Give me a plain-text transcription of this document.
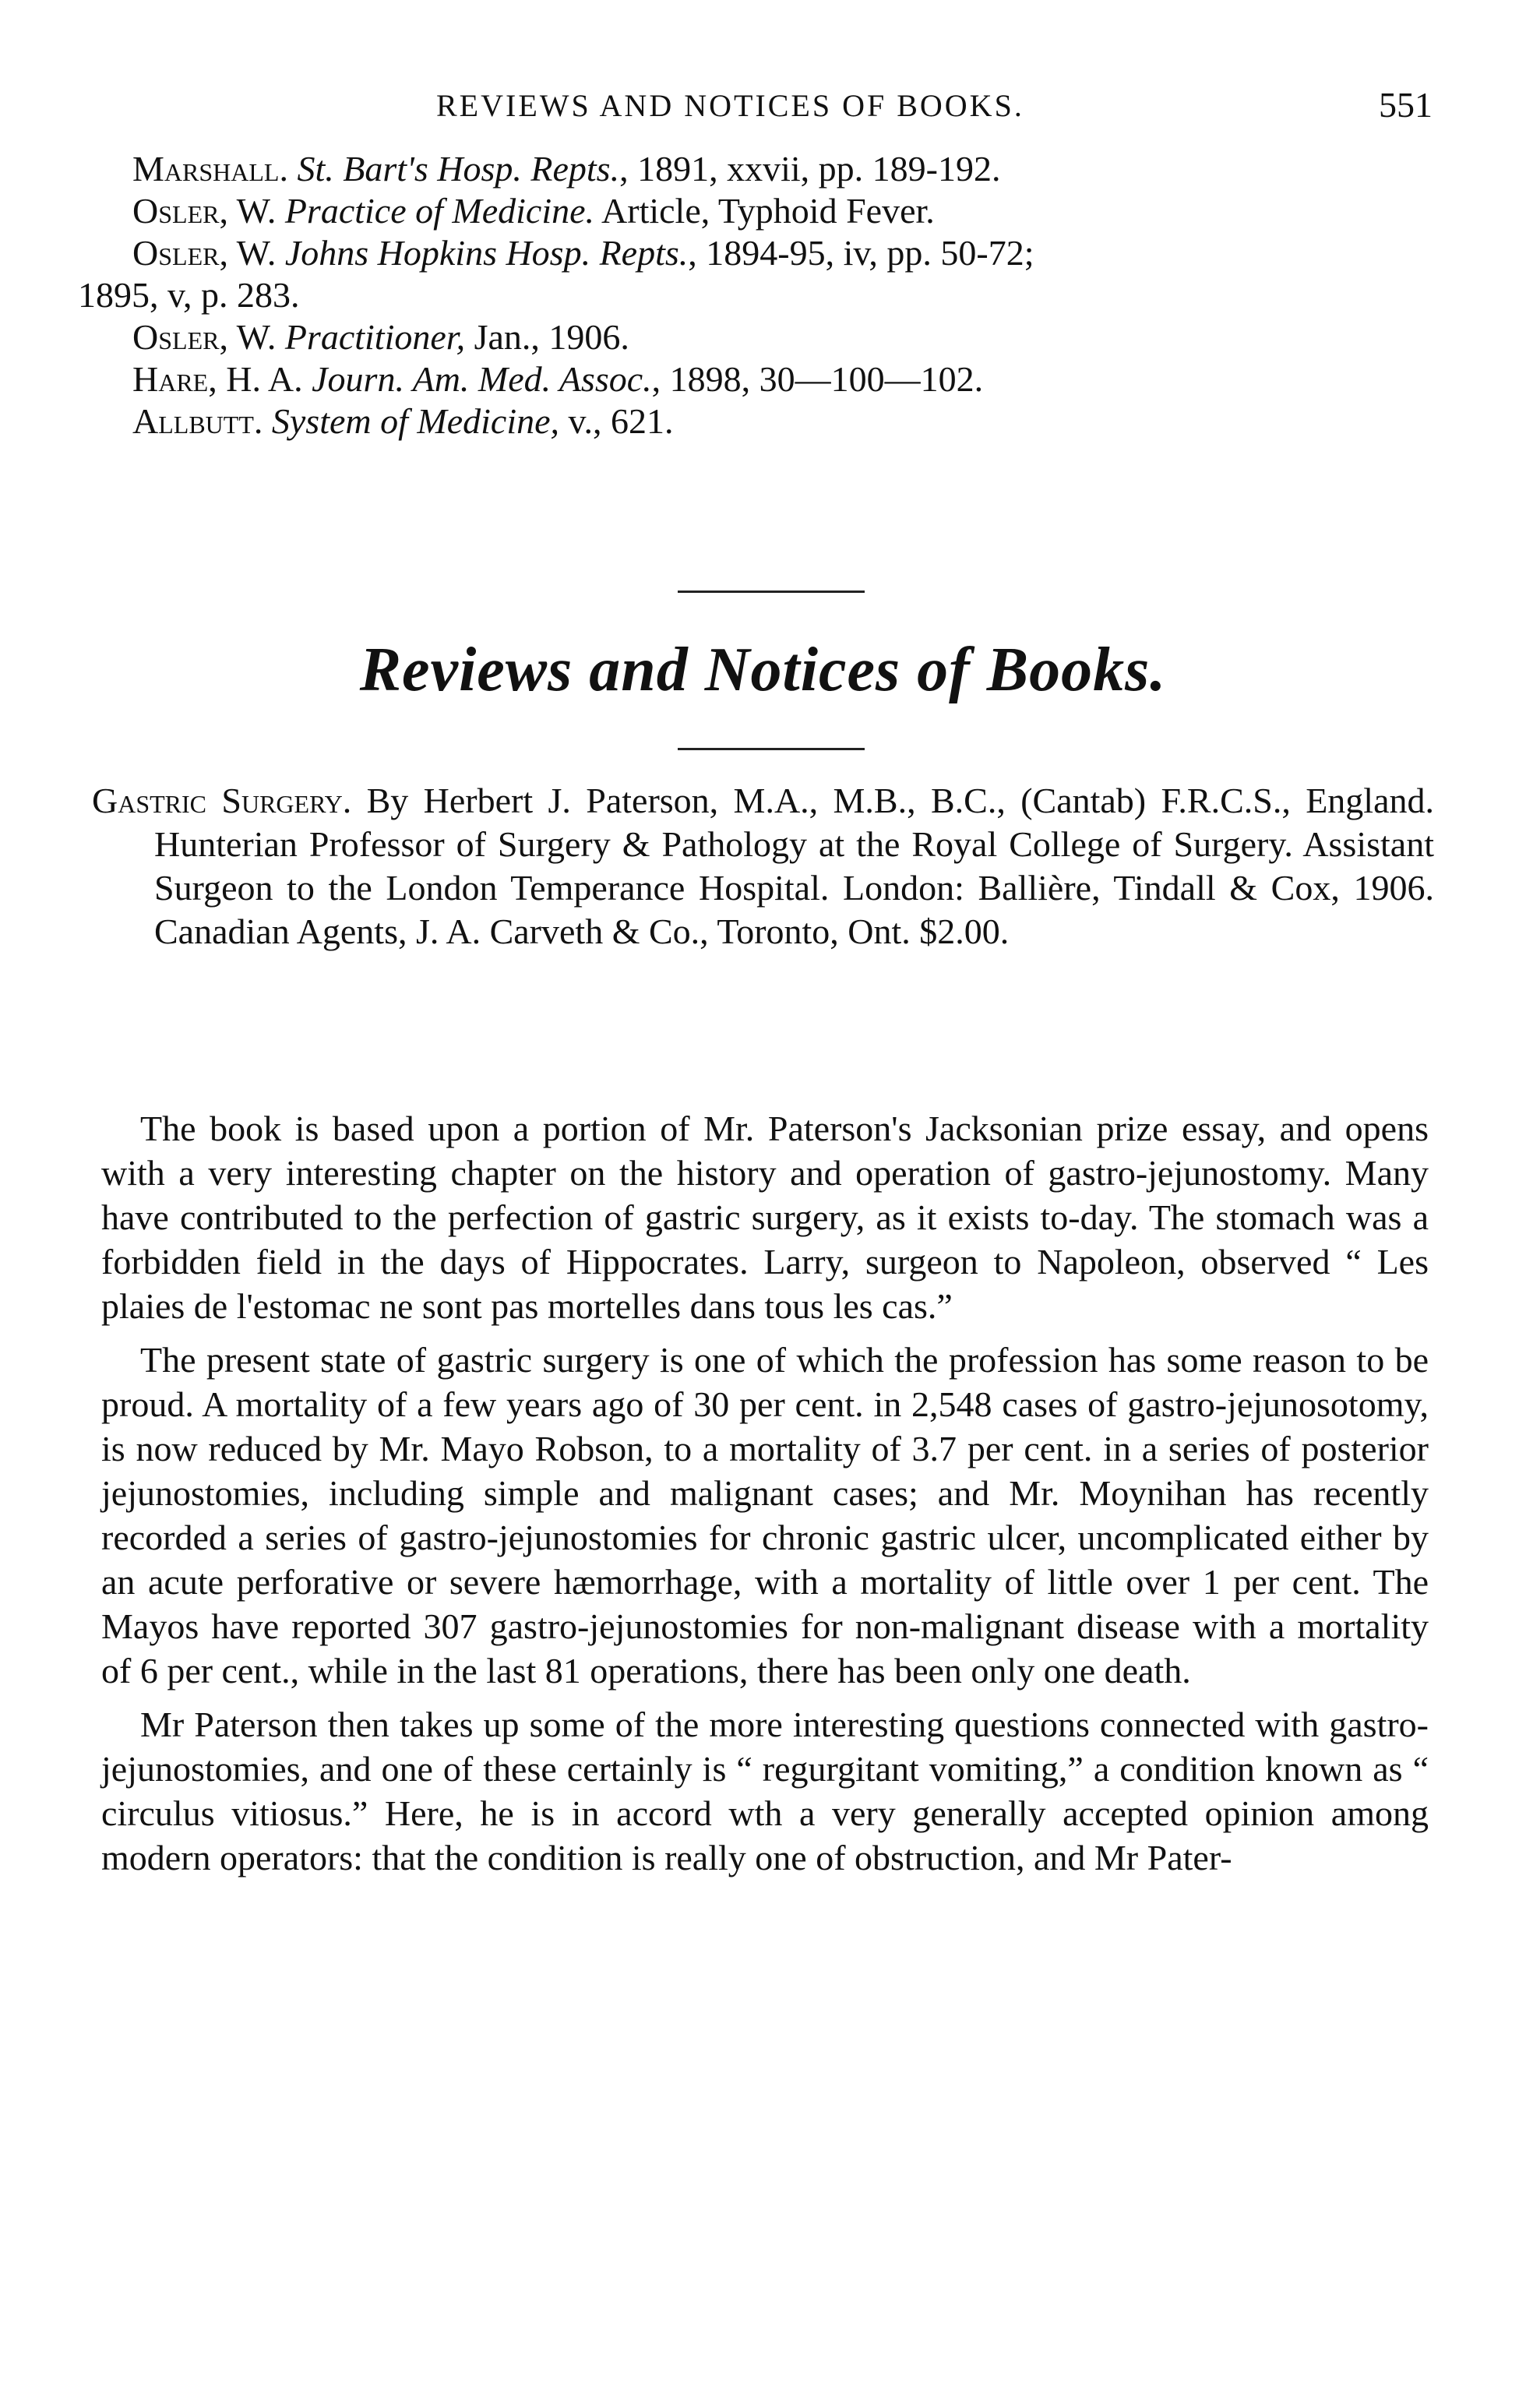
REVIEWS AND NOTICES OF BOOKS.	551
Marshall. St. Bart's Hosp. Repts., 1891, xxvii, pp. 189-192.
Osler, W. Practice of Medicine. Article, Typhoid Fever.
Osler, W. Johns Hopkins Hosp. Repts., 1894-95, iv, pp. 50-72;
1895, v, p. 283.
Osler, W. Practitioner, Jan., 1906.
Hare, H. A. Journ. Am. Med. Assoc., 1898, 30—100—102.
Allbutt. System of Medicine, v., 621.
Reviews and Notices of Books.
Gastric Surgery. By Herbert J. Paterson, M.A., M.B., B.C., (Cantab) F.R.C.S., England. Hunterian Professor of Surgery & Pathology at the Royal College of Surgery. Assistant Surgeon to the London Temperance Hospital. London: Ballière, Tindall & Cox, 1906. Canadian Agents, J. A. Carveth & Co., Toronto, Ont. $2.00.

The book is based upon a portion of Mr. Paterson's Jacksonian prize essay, and opens with a very interesting chapter on the history and operation of gastro-jejunostomy. Many have contributed to the perfection of gastric surgery, as it exists to-day. The stomach was a forbidden field in the days of Hippocrates. Larry, surgeon to Napoleon, observed “ Les plaies de l'estomac ne sont pas mortelles dans tous les cas.”

The present state of gastric surgery is one of which the profession has some reason to be proud. A mortality of a few years ago of 30 per cent. in 2,548 cases of gastro-jejunosotomy, is now reduced by Mr. Mayo Robson, to a mortality of 3.7 per cent. in a series of posterior jejunostomies, including simple and malignant cases; and Mr. Moynihan has recently recorded a series of gastro-jejunostomies for chronic gastric ulcer, uncomplicated either by an acute perforative or severe hæmorrhage, with a mortality of little over 1 per cent. The Mayos have reported 307 gastro-jejunostomies for non-malignant disease with a mortality of 6 per cent., while in the last 81 operations, there has been only one death.

Mr Paterson then takes up some of the more interesting questions connected with gastro-jejunostomies, and one of these certainly is “ regurgitant vomiting,” a condition known as “ circulus vitiosus.” Here, he is in accord wth a very generally accepted opinion among modern operators: that the condition is really one of obstruction, and Mr Pater-
